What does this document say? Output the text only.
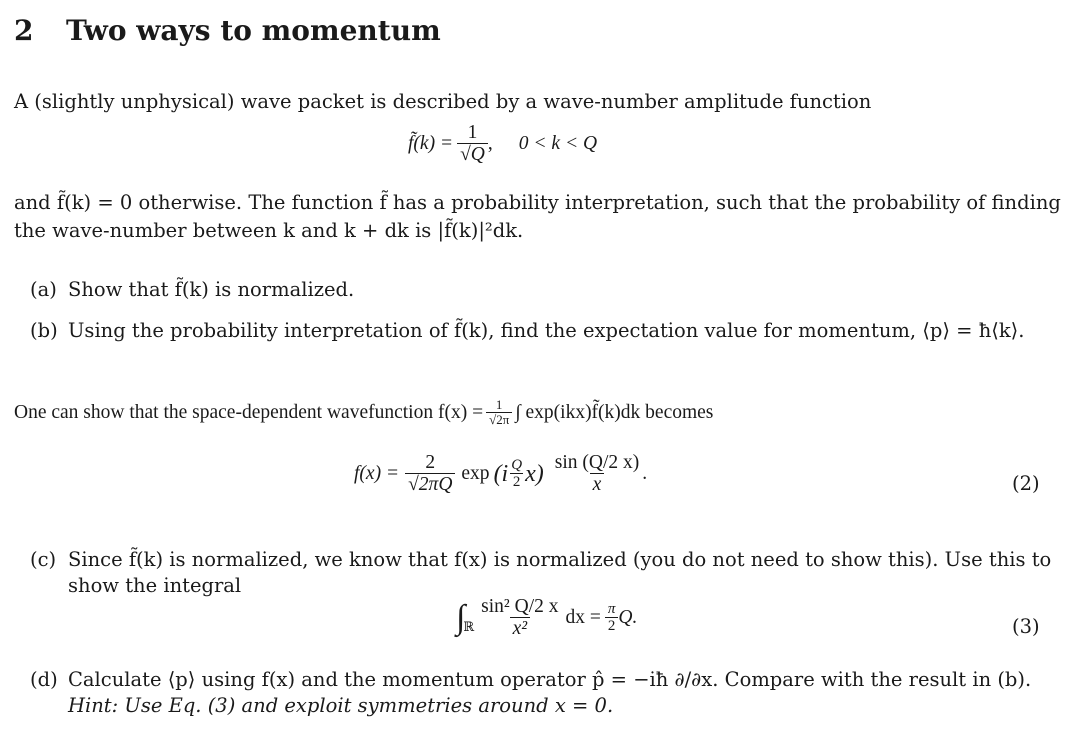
2 Two ways to momentum
A (slightly unphysical) wave packet is described by a wave-number amplitude function
f̃(k) = $\frac{1}{√Q}$ , 0 < k < Q
and f̃(k) = 0 otherwise. The function f̃ has a probability interpretation, such that the probability of finding
the wave-number between k and k + dk is |f̃(k)|²dk.
(a) Show that f̃(k) is normalized.
(b) Using the probability interpretation of f̃(k), find the expectation value for momentum, ⟨p⟩ = ħ⟨k⟩.
One can show that the space-dependent wavefunction $f(x) = \frac{1}{√2\pi}$ ∫ exp(ikx)f̃(k)dk becomes
$f(x) = \frac{2}{√2\pi Q}$ $\exp (i \frac{Q}{2} x) \frac{\sin (Q/2 x)}{x}$ .	(2)
(c) Since f̃(k) is normalized, we know that f(x) is normalized (you do not need to show this). Use this to
show the integral
∫
ℝ $\frac{\text{sin² Q/2 x}}{\text{x²}}$ dx = $\frac{\pi}{2} Q$.	(3)
(d) Calculate ⟨p⟩ using f(x) and the momentum operator p̂ = −iħ ∂/∂x. Compare with the result in (b).
Hint: Use Eq. (3) and exploit symmetries around x = 0.
